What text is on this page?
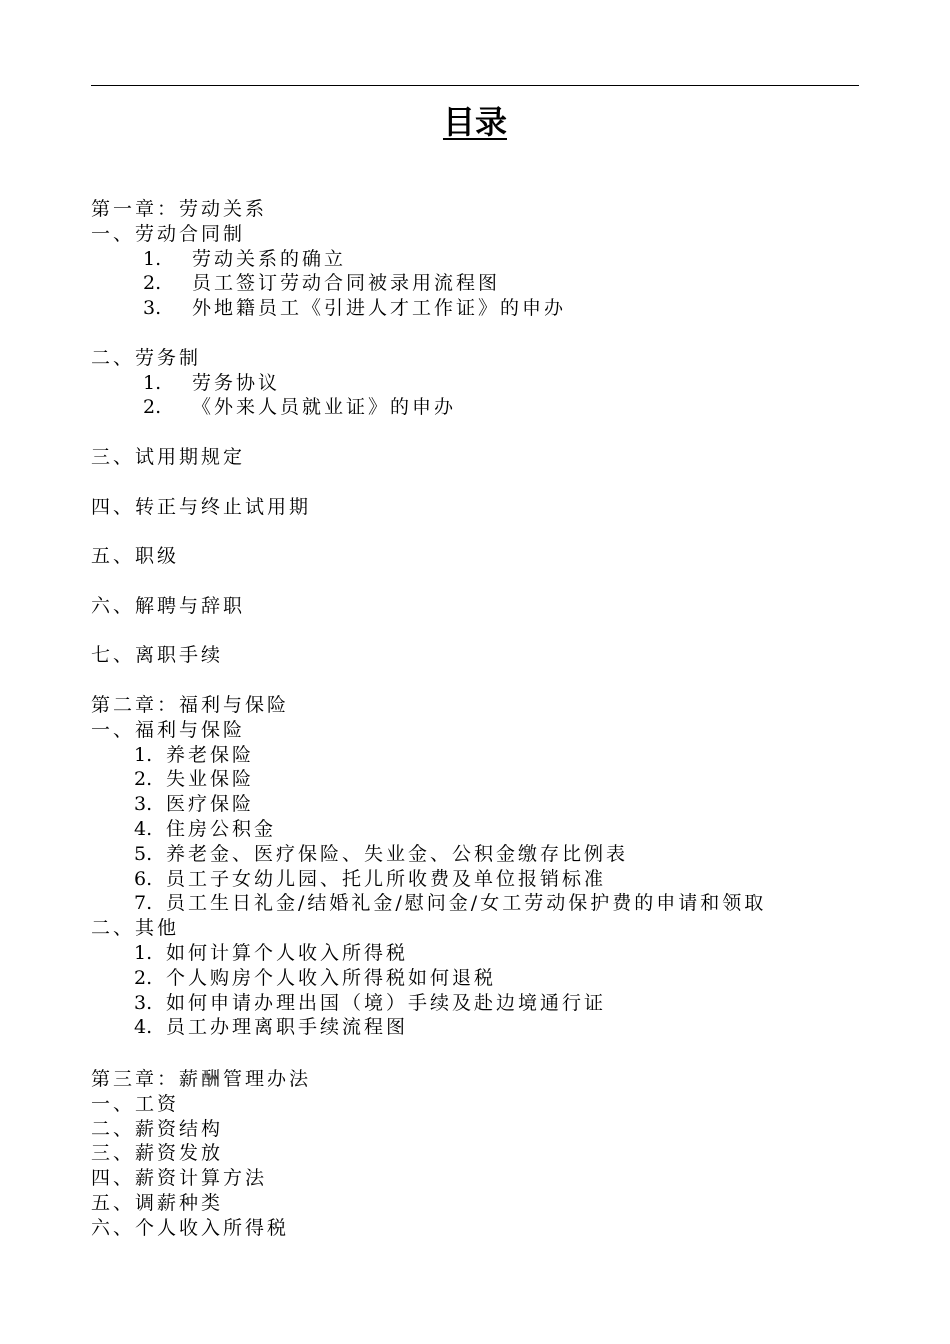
目录
第一章：劳动关系
一、劳动合同制
1. 劳动关系的确立
2. 员工签订劳动合同被录用流程图
3. 外地籍员工《引进人才工作证》的申办
二、劳务制
1. 劳务协议
2. 《外来人员就业证》的申办
三、试用期规定
四、转正与终止试用期
五、职级
六、解聘与辞职
七、离职手续
第二章：福利与保险
一、福利与保险
1. 养老保险
2. 失业保险
3. 医疗保险
4. 住房公积金
5. 养老金、医疗保险、失业金、公积金缴存比例表
6. 员工子女幼儿园、托儿所收费及单位报销标准
7. 员工生日礼金/结婚礼金/慰问金/女工劳动保护费的申请和领取
二、其他
1. 如何计算个人收入所得税
2. 个人购房个人收入所得税如何退税
3. 如何申请办理出国（境）手续及赴边境通行证
4. 员工办理离职手续流程图
第三章：薪酬管理办法
一、工资
二、薪资结构
三、薪资发放
四、薪资计算方法
五、调薪种类
六、个人收入所得税
